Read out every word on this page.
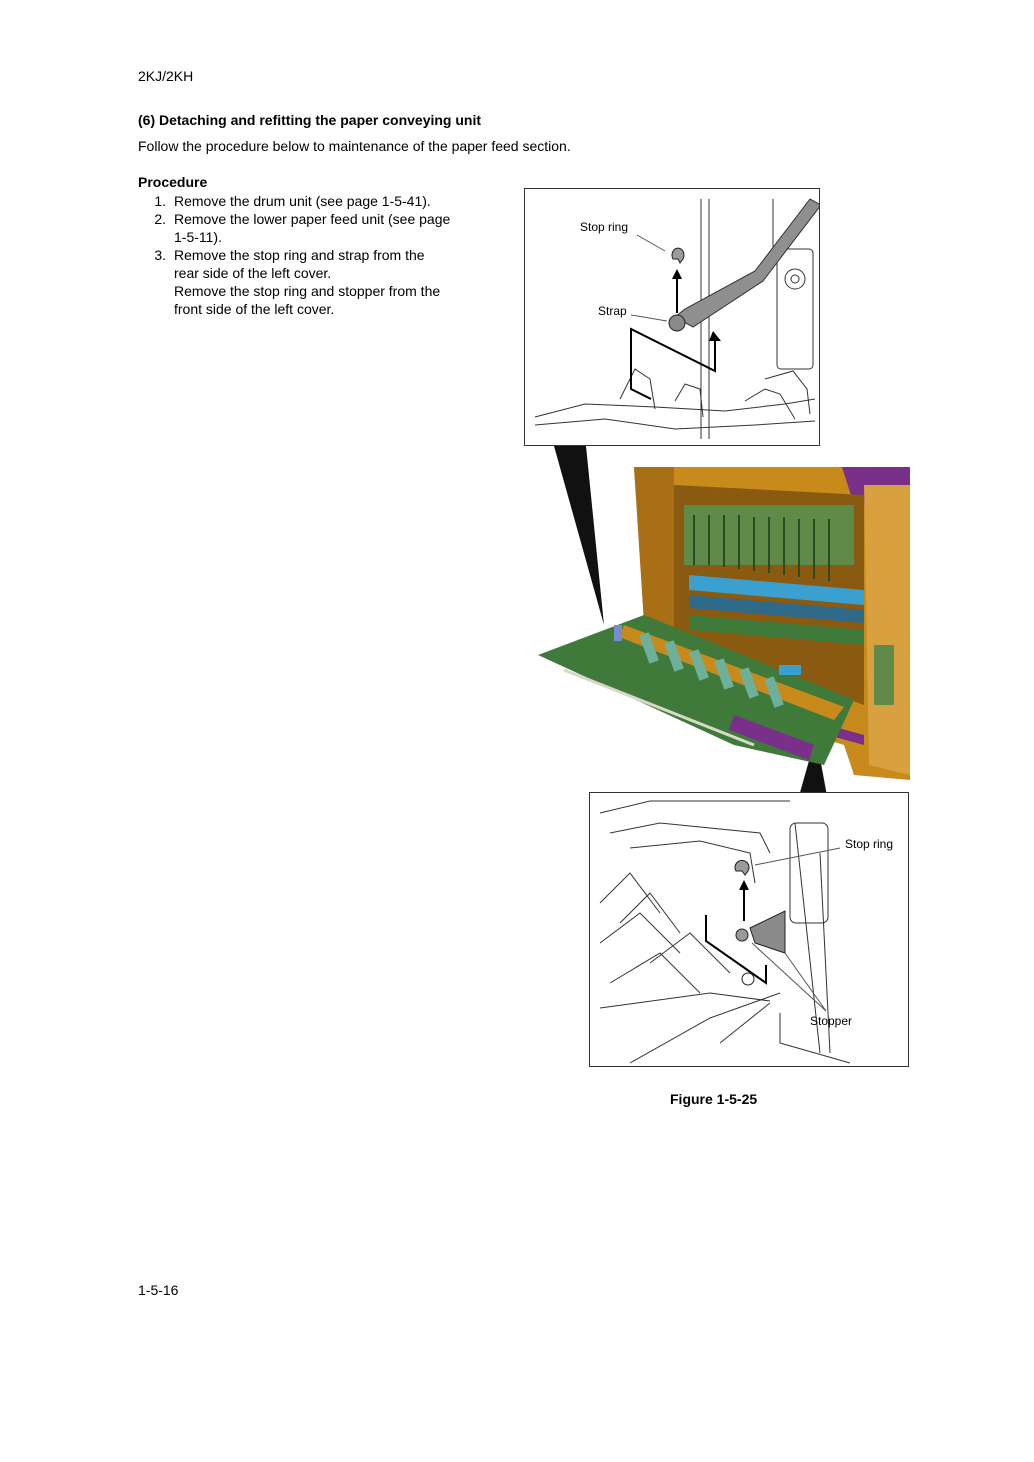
2KJ/2KH
(6) Detaching and refitting the paper conveying unit
Follow the procedure below to maintenance of the paper feed section.
Procedure
1. Remove the drum unit (see page 1-5-41).
2. Remove the lower paper feed unit (see page
1-5-11).
3. Remove the stop ring and strap from the
rear side of the left cover.
Remove the stop ring and stopper from the
front side of the left cover.
Stop ring
Strap
Stop ring
Stopper
Figure 1-5-25
1-5-16
